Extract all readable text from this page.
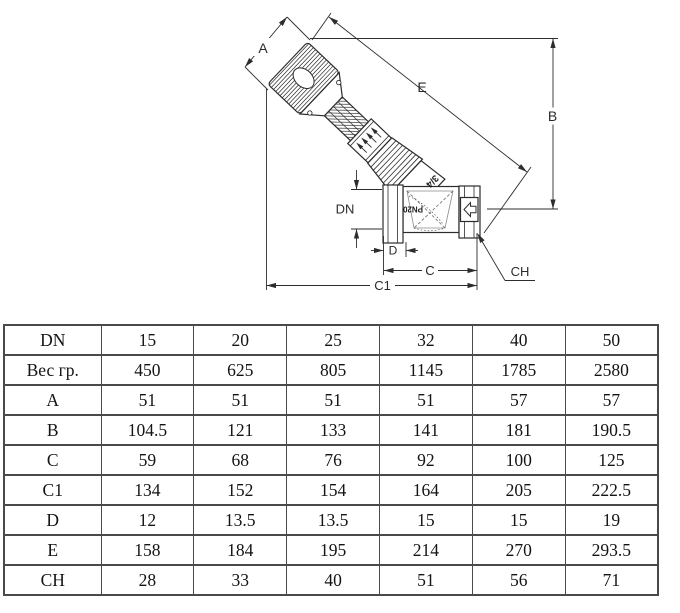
3/4
PN20
A
E
B
DN
D
C
C1
CH
DN	15	20	25	32	40	50
Вес гр.	450	625	805	1145	1785	2580
A	51	51	51	51	57	57
B	104.5	121	133	141	181	190.5
C	59	68	76	92	100	125
C1	134	152	154	164	205	222.5
D	12	13.5	13.5	15	15	19
E	158	184	195	214	270	293.5
CH	28	33	40	51	56	71
